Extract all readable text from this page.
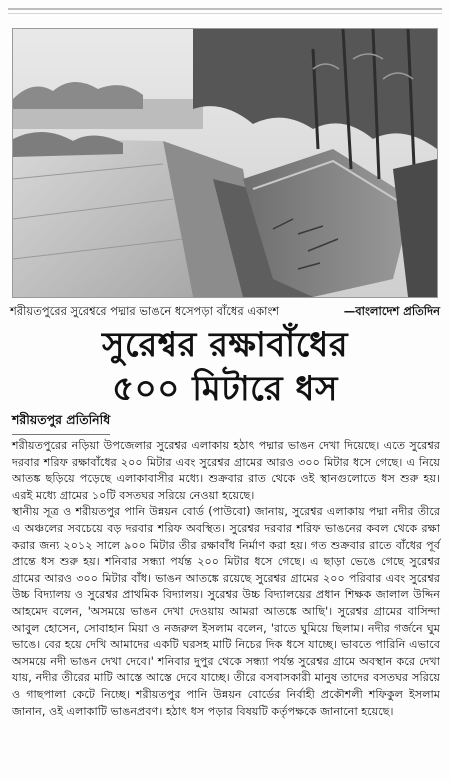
শরীয়তপুরের সুরেশ্বরে পদ্মার ভাঙনে ধসেপড়া বাঁধের একাংশ	—বাংলাদেশ প্রতিদিন
সুরেশ্বর রক্ষাবাঁধের
৫০০ মিটারে ধস
শরীয়তপুর প্রতিনিধি

শরীয়তপুরের নড়িয়া উপজেলার সুরেশ্বর এলাকায় হঠাৎ পদ্মার ভাঙন দেখা দিয়েছে। এতে সুরেশ্বর দরবার শরিফ রক্ষাবাঁধের ২০০ মিটার এবং সুরেশ্বর গ্রামের আরও ৩০০ মিটার ধসে গেছে। এ নিয়ে আতঙ্ক ছড়িয়ে পড়েছে এলাকাবাসীর মধ্যে। শুক্রবার রাত থেকে ওই স্থানগুলোতে ধস শুরু হয়। এরই মধ্যে গ্রামের ১০টি বসতঘর সরিয়ে নেওয়া হয়েছে।

স্থানীয় সূত্র ও শরীয়তপুর পানি উন্নয়ন বোর্ড (পাউবো) জানায়, সুরেশ্বর এলাকায় পদ্মা নদীর তীরে এ অঞ্চলের সবচেয়ে বড় দরবার শরিফ অবস্থিত। সুরেশ্বর দরবার শরিফ ভাঙনের কবল থেকে রক্ষা করার জন্য ২০১২ সালে ৯০০ মিটার তীর রক্ষাবাঁধ নির্মাণ করা হয়। গত শুক্রবার রাতে বাঁধের পূর্ব প্রান্তে ধস শুরু হয়। শনিবার সন্ধ্যা পর্যন্ত ২০০ মিটার ধসে গেছে। এ ছাড়া ভেঙে গেছে সুরেশ্বর গ্রামের আরও ৩০০ মিটার বাঁধ। ভাঙন আতঙ্কে রয়েছে সুরেশ্বর গ্রামের ২০০ পরিবার এবং সুরেশ্বর উচ্চ বিদ্যালয় ও সুরেশ্বর প্রাথমিক বিদ্যালয়। সুরেশ্বর উচ্চ বিদ্যালয়ের প্রধান শিক্ষক জালাল উদ্দিন আহমেদ বলেন, 'অসময়ে ভাঙন দেখা দেওয়ায় আমরা আতঙ্কে আছি'। সুরেশ্বর গ্রামের বাসিন্দা আবুল হোসেন, সোবাহান মিয়া ও নজরুল ইসলাম বলেন, 'রাতে ঘুমিয়ে ছিলাম। নদীর গর্জনে ঘুম ভাঙে। বের হয়ে দেখি আমাদের একটি ঘরসহ মাটি নিচের দিক ধসে যাচ্ছে। ভাবতে পারিনি এভাবে অসময়ে নদী ভাঙন দেখা দেবে।' শনিবার দুপুর থেকে সন্ধ্যা পর্যন্ত সুরেশ্বর গ্রামে অবস্থান করে দেখা যায়, নদীর তীরের মাটি আস্তে আস্তে দেবে যাচ্ছে। তীরে বসবাসকারী মানুষ তাদের বসতঘর সরিয়ে ও গাছপালা কেটে নিচ্ছে। শরীয়তপুর পানি উন্নয়ন বোর্ডের নির্বাহী প্রকৌশলী শফিকুল ইসলাম জানান, ওই এলাকাটি ভাঙনপ্রবণ। হঠাৎ ধস পড়ার বিষয়টি কর্তৃপক্ষকে জানানো হয়েছে।
